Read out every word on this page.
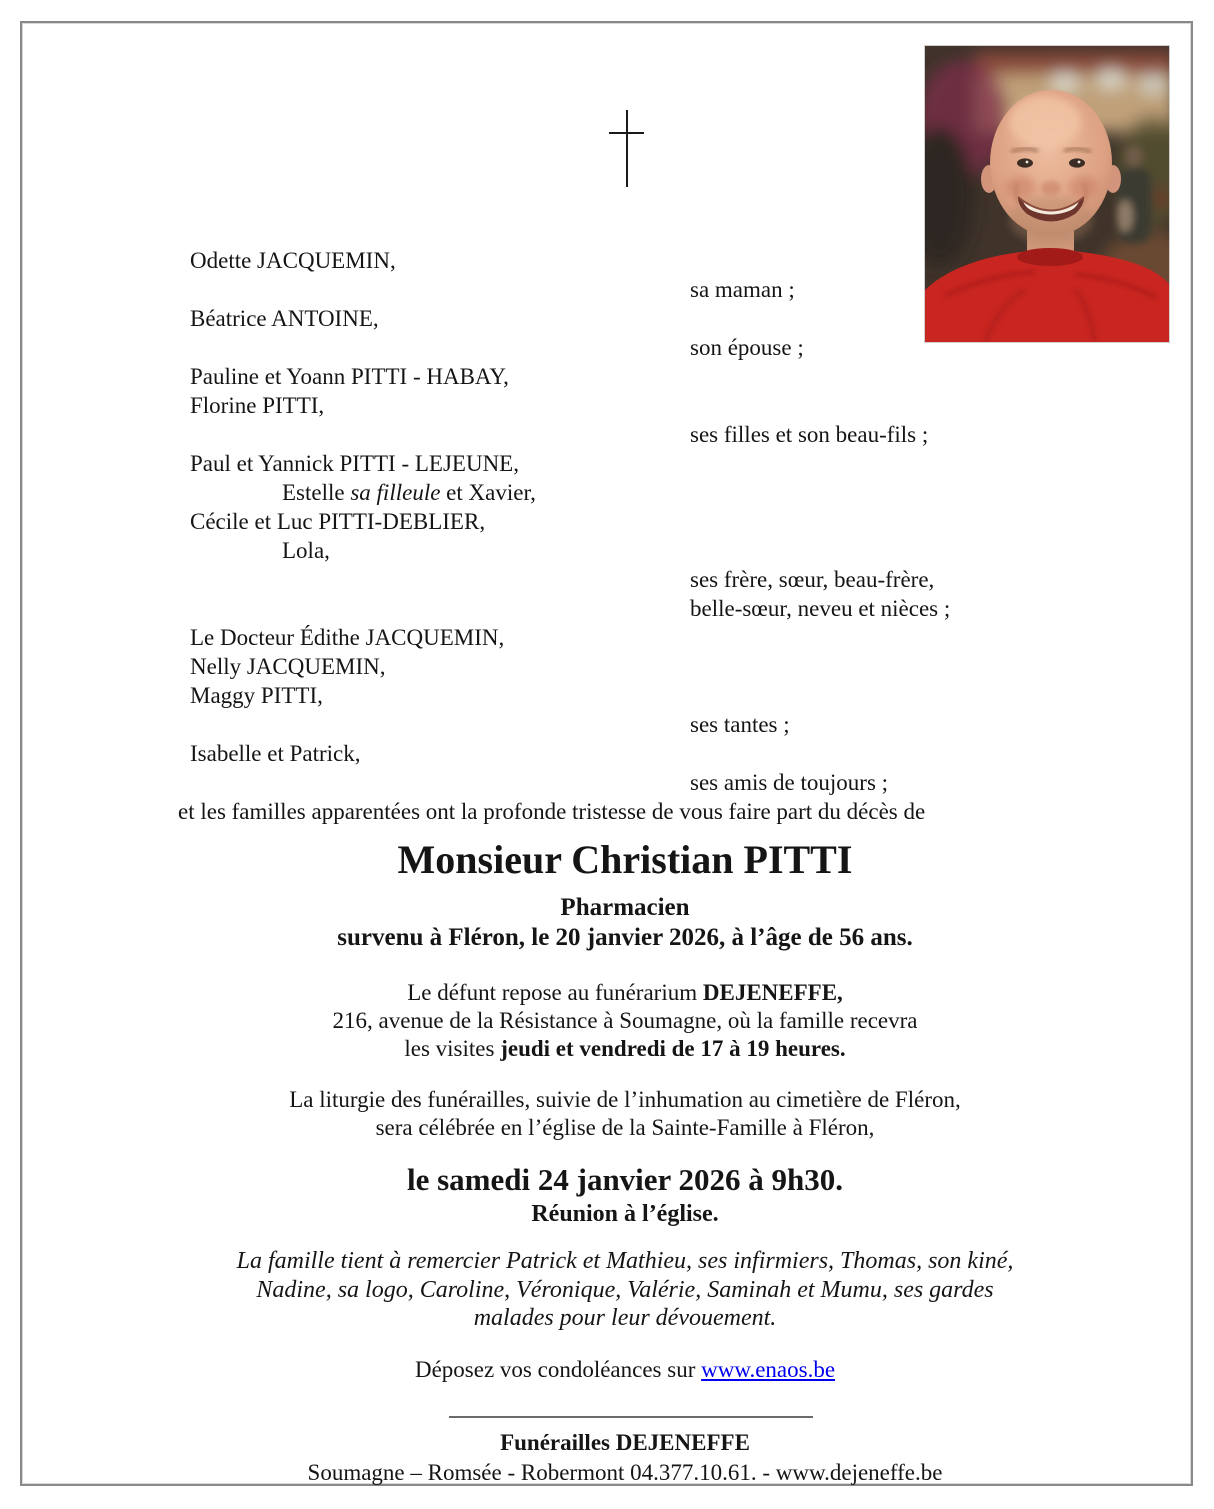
Odette JACQUEMIN,
sa maman ;
Béatrice ANTOINE,
son épouse ;
Pauline et Yoann PITTI - HABAY,
Florine PITTI,
ses filles et son beau-fils ;
Paul et Yannick PITTI - LEJEUNE,
Estelle sa filleule et Xavier,
Cécile et Luc PITTI-DEBLIER,
Lola,
ses frère, sœur, beau-frère,
belle-sœur, neveu et nièces ;
Le Docteur Édithe JACQUEMIN,
Nelly JACQUEMIN,
Maggy PITTI,
ses tantes ;
Isabelle et Patrick,
ses amis de toujours ;
et les familles apparentées ont la profonde tristesse de vous faire part du décès de
Monsieur Christian PITTI
Pharmacien
survenu à Fléron, le 20 janvier 2026, à l’âge de 56 ans.
Le défunt repose au funérarium DEJENEFFE,
216, avenue de la Résistance à Soumagne, où la famille recevra
les visites jeudi et vendredi de 17 à 19 heures.
La liturgie des funérailles, suivie de l’inhumation au cimetière de Fléron,
sera célébrée en l’église de la Sainte-Famille à Fléron,
le samedi 24 janvier 2026 à 9h30.
Réunion à l’église.
La famille tient à remercier Patrick et Mathieu, ses infirmiers, Thomas, son kiné,
Nadine, sa logo, Caroline, Véronique, Valérie, Saminah et Mumu, ses gardes
malades pour leur dévouement.
Déposez vos condoléances sur www.enaos.be
Funérailles DEJENEFFE
Soumagne – Romsée - Robermont 04.377.10.61. - www.dejeneffe.be
